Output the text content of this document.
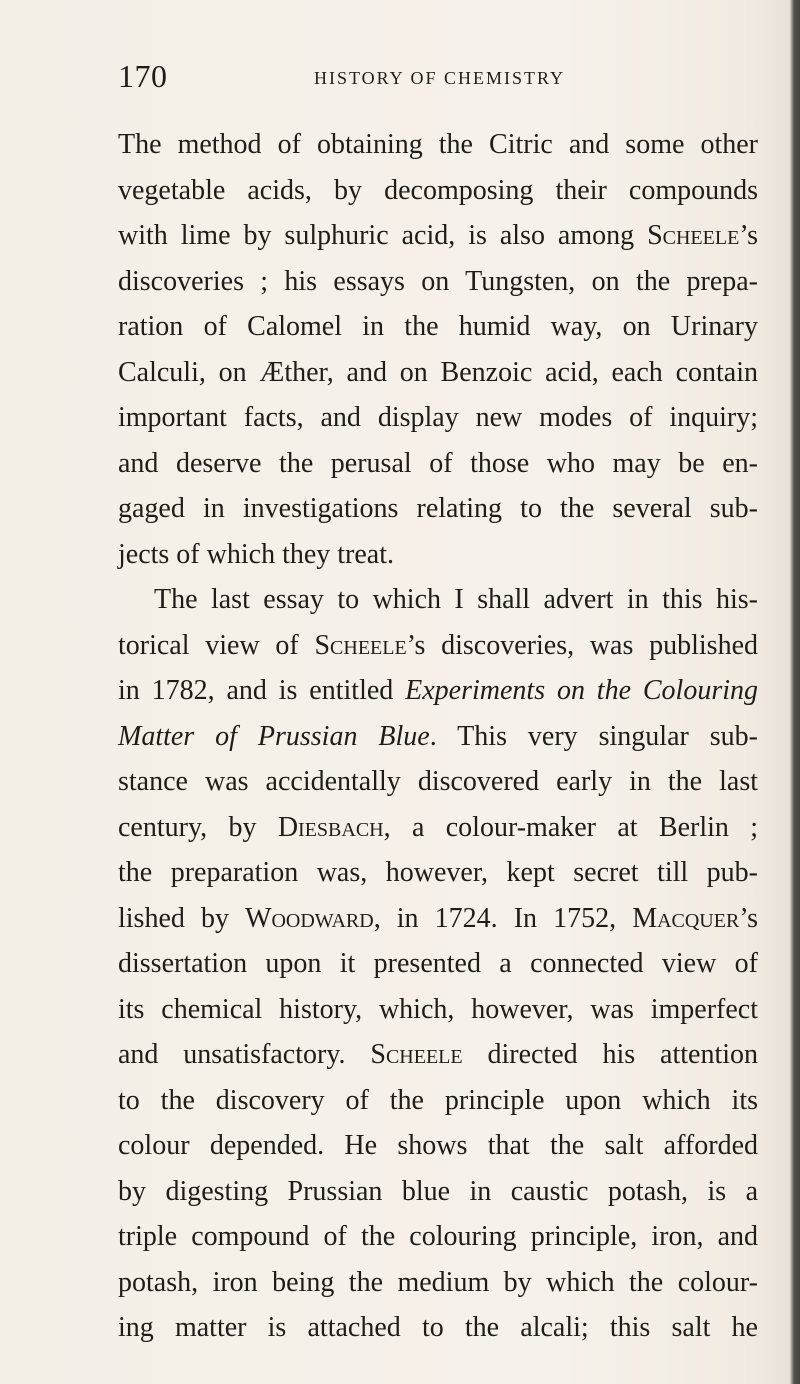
170	HISTORY OF CHEMISTRY
The method of obtaining the Citric and some other
vegetable acids, by decomposing their compounds
with lime by sulphuric acid, is also among Scheele’s
discoveries ; his essays on Tungsten, on the prepa-
ration of Calomel in the humid way, on Urinary
Calculi, on Æther, and on Benzoic acid, each contain
important facts, and display new modes of inquiry;
and deserve the perusal of those who may be en-
gaged in investigations relating to the several sub-
jects of which they treat.
The last essay to which I shall advert in this his-
torical view of Scheele’s discoveries, was published
in 1782, and is entitled Experiments on the Colouring
Matter of Prussian Blue. This very singular sub-
stance was accidentally discovered early in the last
century, by Diesbach, a colour-maker at Berlin ;
the preparation was, however, kept secret till pub-
lished by Woodward, in 1724. In 1752, Macquer’s
dissertation upon it presented a connected view of
its chemical history, which, however, was imperfect
and unsatisfactory. Scheele directed his attention
to the discovery of the principle upon which its
colour depended. He shows that the salt afforded
by digesting Prussian blue in caustic potash, is a
triple compound of the colouring principle, iron, and
potash, iron being the medium by which the colour-
ing matter is attached to the alcali; this salt he
